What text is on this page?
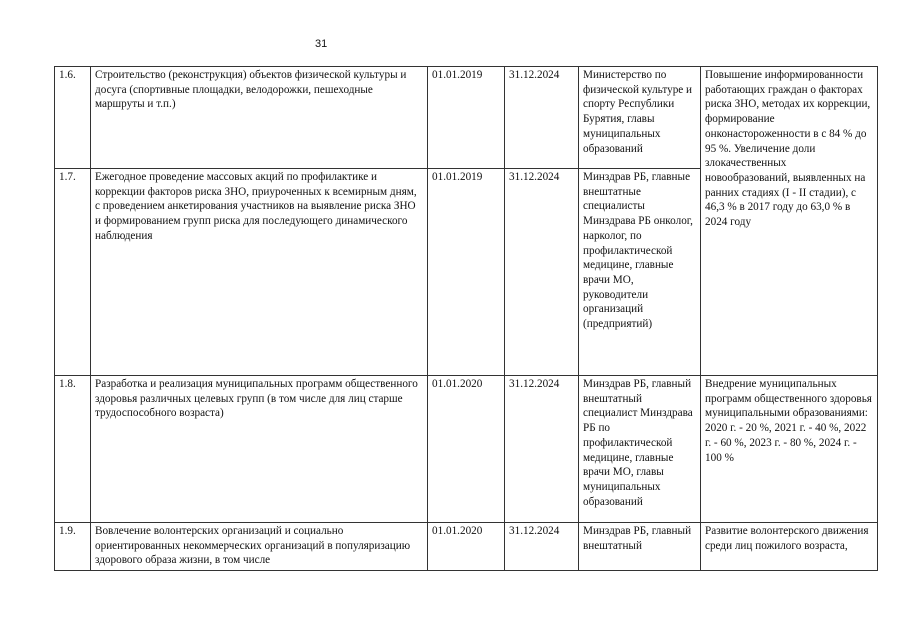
31
1.6.	Строительство (реконструкция) объектов физической культуры и досуга (спортивные площадки, велодорожки, пешеходные маршруты и т.п.)	01.01.2019	31.12.2024	Министерство по физической культуре и спорту Республики Бурятия, главы муниципальных образований	Повышение информированности работающих граждан о факторах риска ЗНО, методах их коррекции, формирование онконастороженности в с 84 % до 95 %. Увеличение доли злокачественных новообразований, выявленных на ранних стадиях (I - II стадии), с 46,3 % в 2017 году до 63,0 % в 2024 году
1.7.	Ежегодное проведение массовых акций по профилактике и коррекции факторов риска ЗНО, приуроченных к всемирным дням, с проведением анкетирования участников на выявление риска ЗНО и формированием групп риска для последующего динамического наблюдения	01.01.2019	31.12.2024	Минздрав РБ, главные внештатные специалисты Минздрава РБ онколог, нарколог, по профилактической медицине, главные врачи МО, руководители организаций (предприятий)	
1.8.	Разработка и реализация муниципальных программ общественного здоровья различных целевых групп (в том числе для лиц старше трудоспособного возраста)	01.01.2020	31.12.2024	Минздрав РБ, главный внештатный специалист Минздрава РБ по профилактической медицине, главные врачи МО, главы муниципальных образований	Внедрение муниципальных программ общественного здоровья муниципальными образованиями: 2020 г. - 20 %, 2021 г. - 40 %, 2022 г. - 60 %, 2023 г. - 80 %, 2024 г. - 100 %
1.9.	Вовлечение волонтерских организаций и социально ориентированных некоммерческих организаций в популяризацию здорового образа жизни, в том числе	01.01.2020	31.12.2024	Минздрав РБ, главный внештатный	Развитие волонтерского движения среди лиц пожилого возраста,
